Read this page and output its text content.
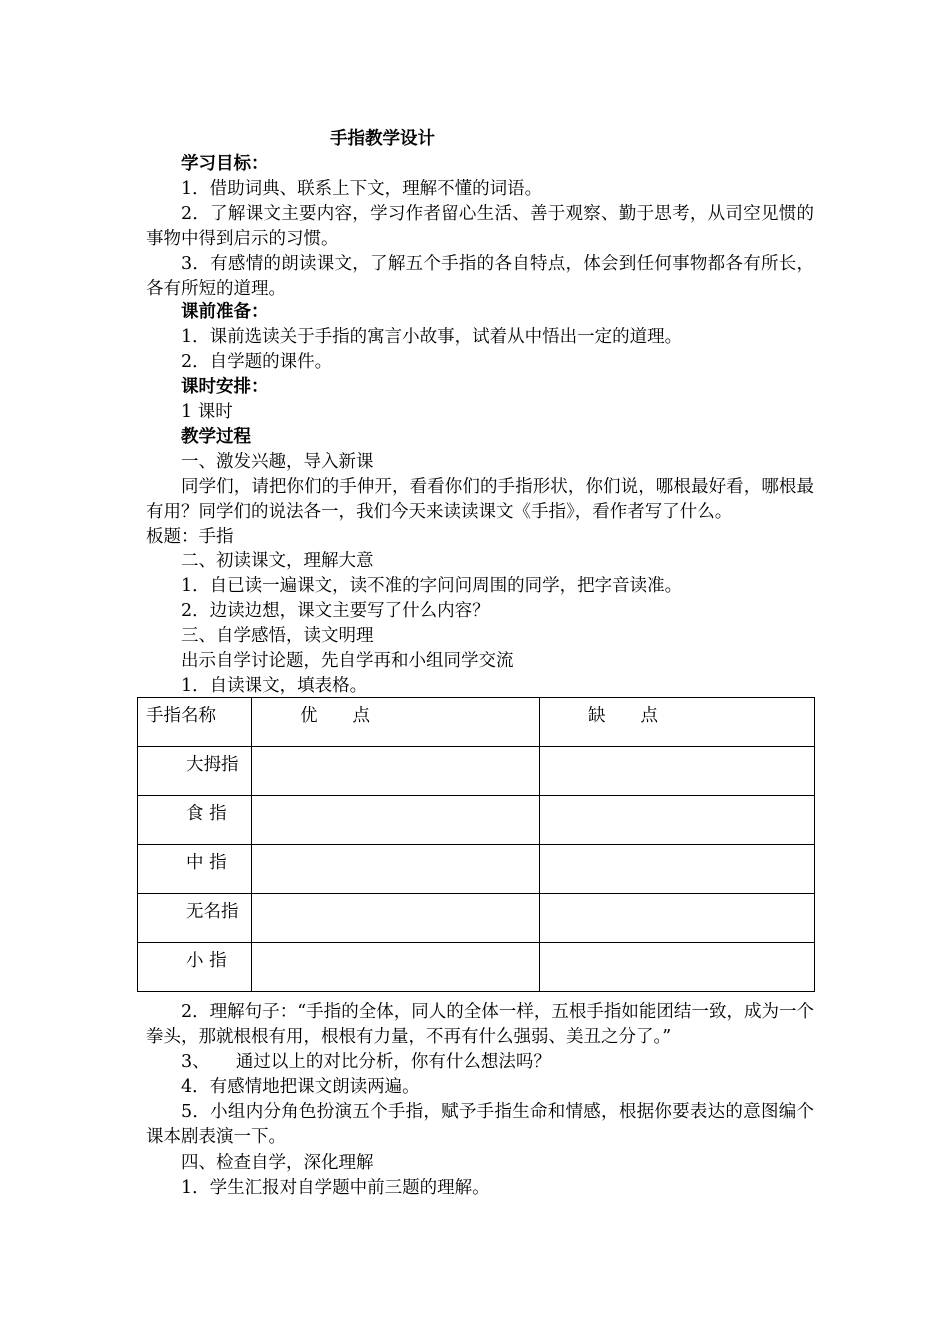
手指教学设计
学习目标：
1．借助词典、联系上下文，理解不懂的词语。
2．了解课文主要内容，学习作者留心生活、善于观察、勤于思考，从司空见惯的事物中得到启示的习惯。
3．有感情的朗读课文，了解五个手指的各自特点，体会到任何事物都各有所长，各有所短的道理。
课前准备：
1．课前选读关于手指的寓言小故事，试着从中悟出一定的道理。
2．自学题的课件。
课时安排：
1 课时
教学过程
一、激发兴趣，导入新课
同学们，请把你们的手伸开，看看你们的手指形状，你们说，哪根最好看，哪根最有用？同学们的说法各一，我们今天来读读课文《手指》，看作者写了什么。
板题：手指
二、初读课文，理解大意
1．自已读一遍课文，读不准的字问问周围的同学，把字音读准。
2．边读边想，课文主要写了什么内容？
三、自学感悟，读文明理
出示自学讨论题，先自学再和小组同学交流
1．自读课文，填表格。
手指名称	优　　点	缺　　点
大拇指		
食 指		
中 指		
无名指		
小 指		
2．理解句子：“手指的全体，同人的全体一样，五根手指如能团结一致，成为一个拳头，那就根根有用，根根有力量，不再有什么强弱、美丑之分了。”
3、　　通过以上的对比分析，你有什么想法吗？
4．有感情地把课文朗读两遍。
5．小组内分角色扮演五个手指，赋予手指生命和情感，根据你要表达的意图编个课本剧表演一下。
四、检查自学，深化理解
1．学生汇报对自学题中前三题的理解。
